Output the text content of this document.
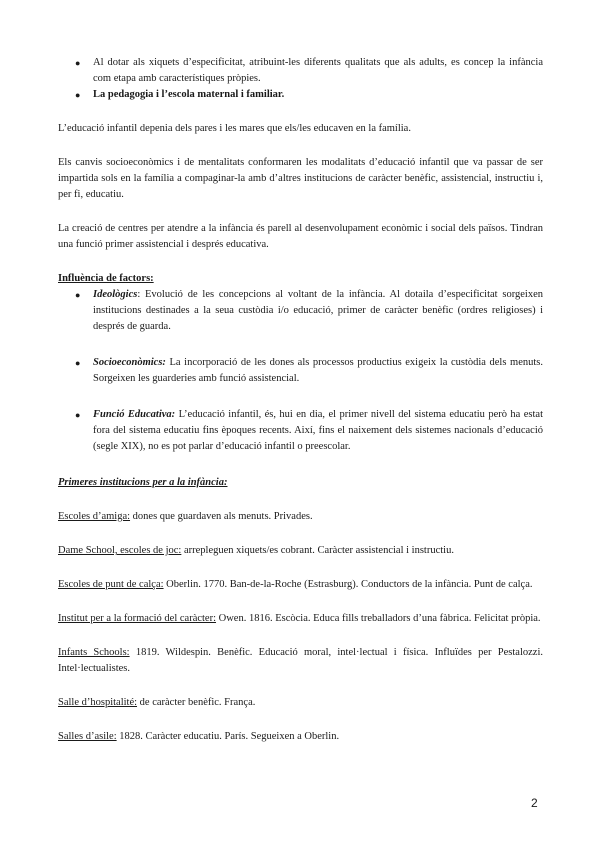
● Al dotar als xiquets d’especificitat, atribuint-les diferents qualitats que als adults, es concep la infància com etapa amb característiques pròpies.
● La pedagogia i l’escola maternal i familiar.

L’educació infantil depenia dels pares i les mares que els/les educaven en la família.

Els canvis socioeconòmics i de mentalitats conformaren les modalitats d’educació infantil que va passar de ser impartida sols en la família a compaginar-la amb d’altres institucions de caràcter benèfic, assistencial, instructiu i, per fi, educatiu.

La creació de centres per atendre a la infància és parell al desenvolupament econòmic i social dels països. Tindran una funció primer assistencial i després educativa.

Influència de factors:

● Ideològics: Evolució de les concepcions al voltant de la infància. Al dotaila d’especificitat sorgeixen institucions destinades a la seua custòdia i/o educació, primer de caràcter benèfic (ordres religioses) i després de guarda.
● Socioeconòmics: La incorporació de les dones als processos productius exigeix la custòdia dels menuts. Sorgeixen les guarderies amb funció assistencial.
● Funció Educativa: L’educació infantil, és, hui en dia, el primer nivell del sistema educatiu però ha estat fora del sistema educatiu fins èpoques recents. Així, fins el naixement dels sistemes nacionals d’educació (segle XIX), no es pot parlar d’educació infantil o preescolar.

Primeres institucions per a la infància:

Escoles d’amiga: dones que guardaven als menuts. Privades.

Dame School, escoles de joc: arrepleguen xiquets/es cobrant. Caràcter assistencial i instructiu.

Escoles de punt de calça: Oberlin. 1770. Ban-de-la-Roche (Estrasburg). Conductors de la infància. Punt de calça.

Institut per a la formació del caràcter: Owen. 1816. Escòcia. Educa fills treballadors d’una fàbrica. Felicitat pròpia.

Infants Schools: 1819. Wildespin. Benèfic. Educació moral, intel·lectual i física. Influïdes per Pestalozzi. Intel·lectualistes.

Salle d’hospitalité: de caràcter benèfic. França.

Salles d’asile: 1828. Caràcter educatiu. París. Segueixen a Oberlin.

2
